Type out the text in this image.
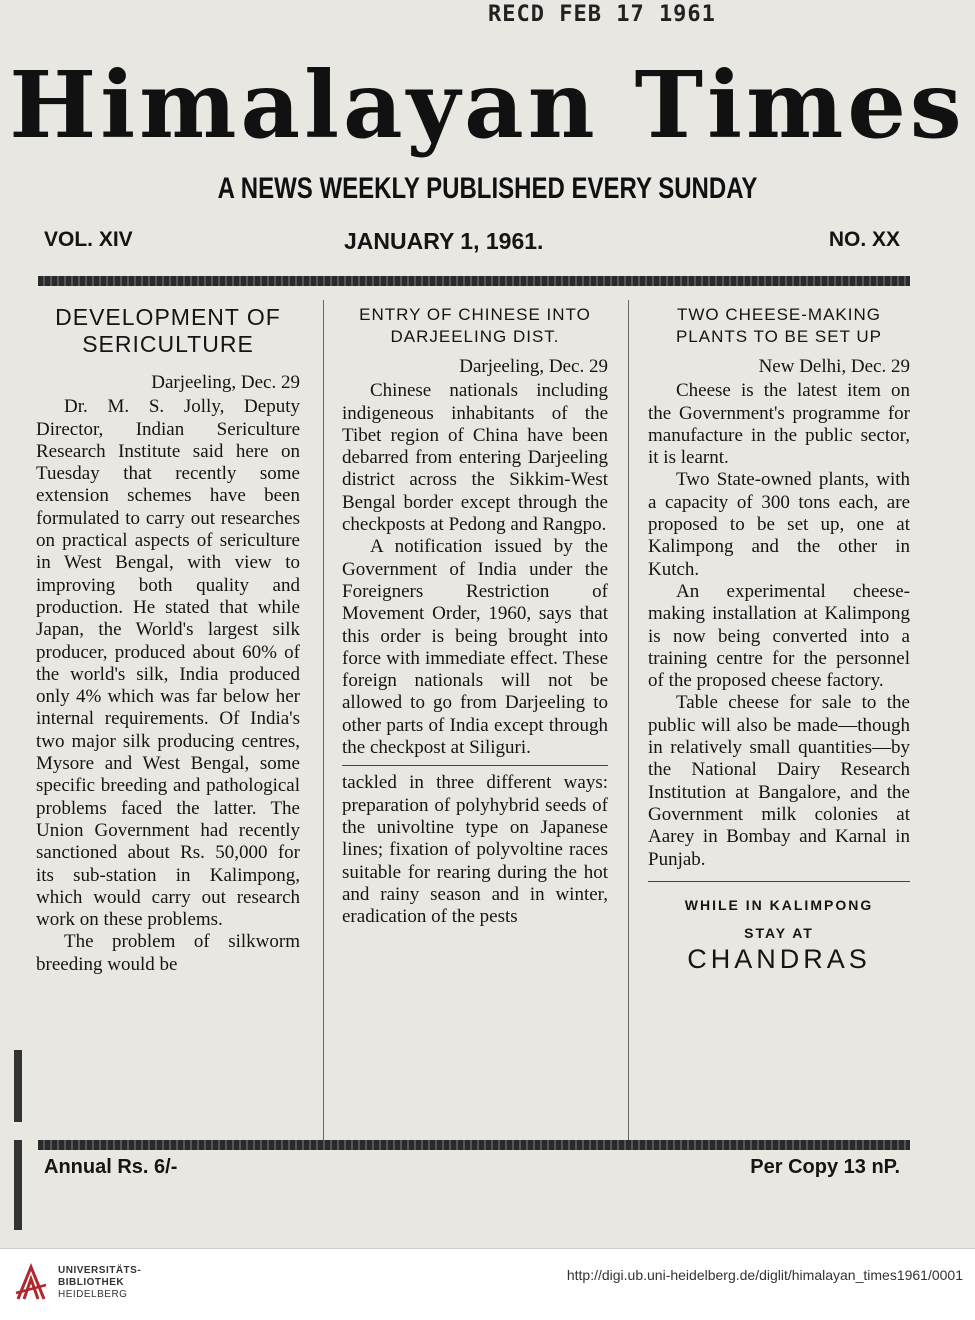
RECD FEB 17 1961
Himalayan Times
A NEWS WEEKLY PUBLISHED EVERY SUNDAY
VOL. XIV	JANUARY 1, 1961.	NO. XX
DEVELOPMENT OF
SERICULTURE
Darjeeling, Dec. 29

Dr. M. S. Jolly, Deputy Director, Indian Sericulture Research Institute said here on Tuesday that recently some extension schemes have been formulated to carry out researches on practical aspects of sericulture in West Bengal, with view to improving both quality and production. He stated that while Japan, the World's largest silk producer, produced about 60% of the world's silk, India produced only 4% which was far below her internal requirements. Of India's two major silk producing centres, Mysore and West Bengal, some specific breeding and pathological problems faced the latter. The Union Government had recently sanctioned about Rs. 50,000 for its sub-station in Kalimpong, which would carry out research work on these problems.

The problem of silkworm breeding would be

ENTRY OF CHINESE INTO
DARJEELING DIST.
Darjeeling, Dec. 29

Chinese nationals including indigeneous inhabitants of the Tibet region of China have been debarred from entering Darjeeling district across the Sikkim-West Bengal border except through the checkposts at Pedong and Rangpo.

A notification issued by the Government of India under the Foreigners Restriction of Movement Order, 1960, says that this order is being brought into force with immediate effect. These foreign nationals will not be allowed to go from Darjeeling to other parts of India except through the checkpost at Siliguri.

tackled in three different ways: preparation of polyhybrid seeds of the univoltine type on Japanese lines; fixation of polyvoltine races suitable for rearing during the hot and rainy season and in winter, eradication of the pests

TWO CHEESE-MAKING
PLANTS TO BE SET UP
New Delhi, Dec. 29

Cheese is the latest item on the Government's programme for manufacture in the public sector, it is learnt.

Two State-owned plants, with a capacity of 300 tons each, are proposed to be set up, one at Kalimpong and the other in Kutch.

An experimental cheese-making installation at Kalimpong is now being converted into a training centre for the personnel of the proposed cheese factory.

Table cheese for sale to the public will also be made—though in relatively small quantities—by the National Dairy Research Institution at Bangalore, and the Government milk colonies at Aarey in Bombay and Karnal in Punjab.

WHILE IN KALIMPONG
STAY AT
CHANDRAS
Annual Rs. 6/-	Per Copy 13 nP.
UNIVERSITÄTS-
BIBLIOTHEK
HEIDELBERG
http://digi.ub.uni-heidelberg.de/diglit/himalayan_times1961/0001
